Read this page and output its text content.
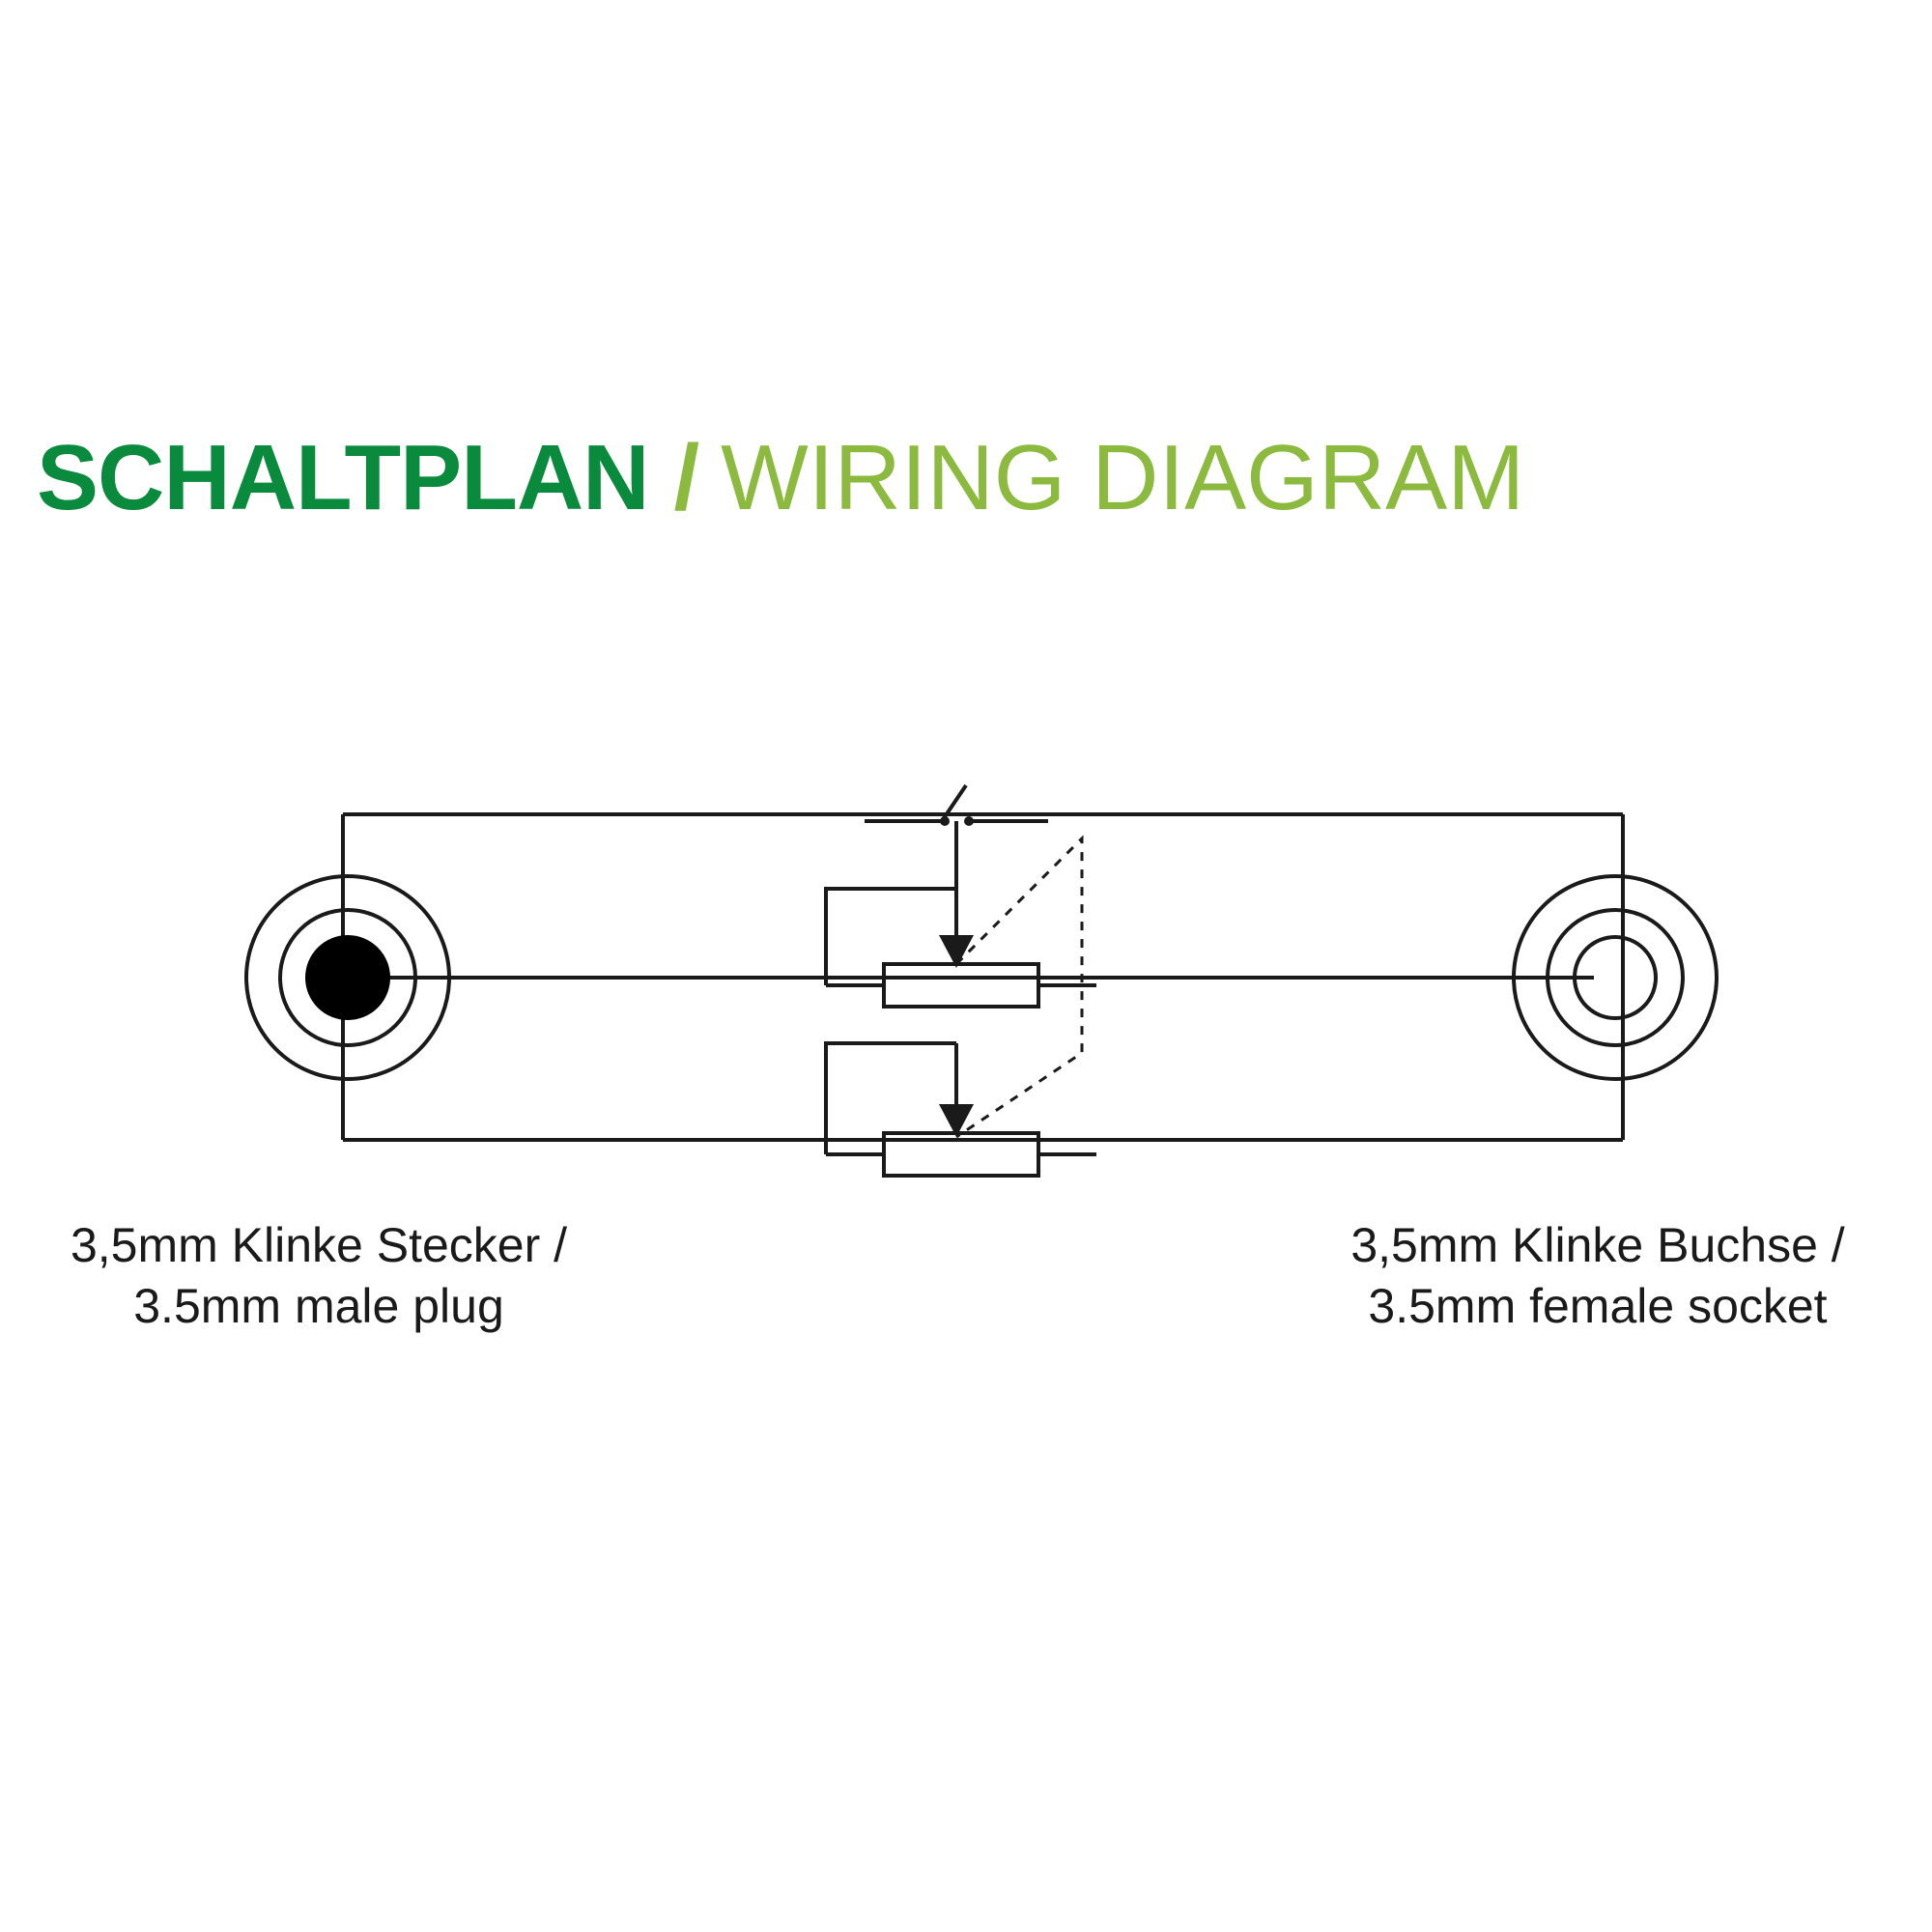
SCHALTPLAN / WIRING DIAGRAM
3,5mm Klinke Stecker /
3.5mm male plug
3,5mm Klinke Buchse /
3.5mm female socket
